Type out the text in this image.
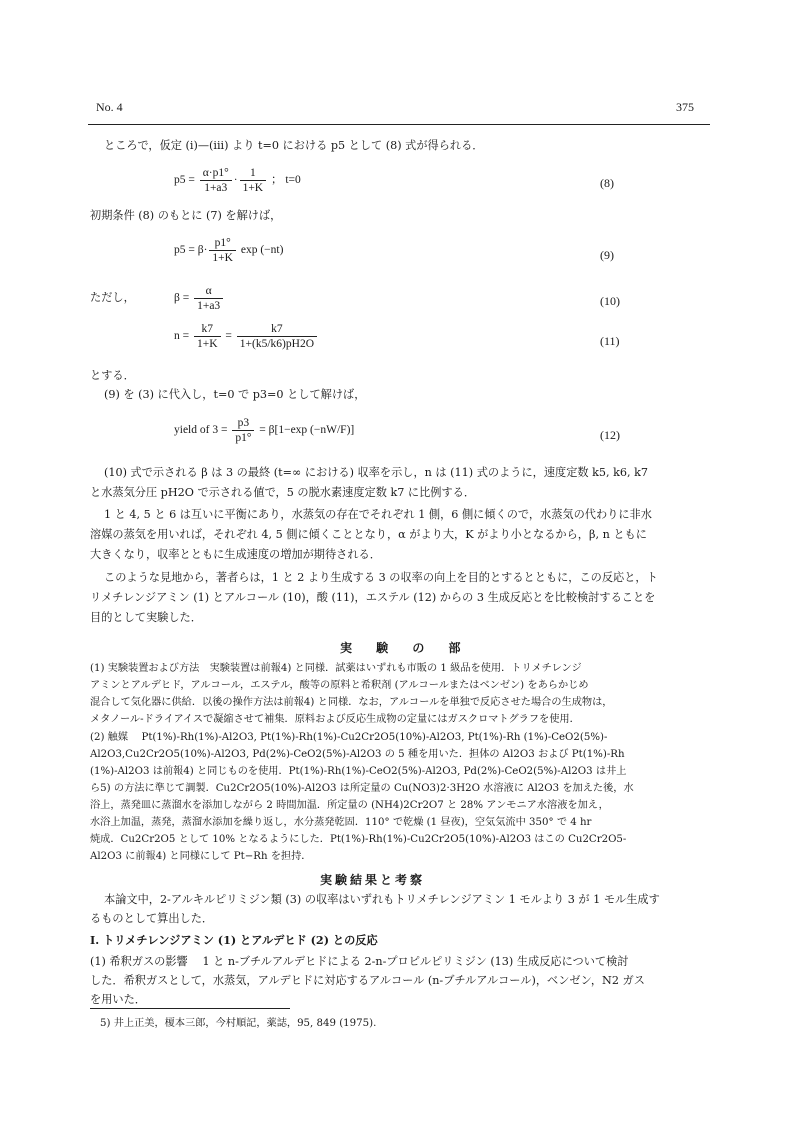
No. 4	375
ところで，仮定 (i)—(iii) より t=0 における p5 として (8) 式が得られる．
$p5 = \frac{\alpha\cdot p1^\circ}{1+a3} \cdot \frac{1}{1+K}$ ； t=0	(8)
初期条件 (8) のもとに (7) を解けば，
$p5 = \beta\cdot \frac{p1^\circ}{1+K}$ exp (−nt)	(9)
ただし，	$\beta = \frac{\alpha}{1+a3}$	(10)
$n = \frac{k7}{1+K} = \frac{k7}{1+(k5/k6)pH2O}$	(11)
とする．
(9) を (3) に代入し，t=0 で p3=0 として解けば，
yield of $3 = \frac{p3}{p1^\circ} = \beta[1-\exp$ (−nW/F)]	(12)
(10) 式で示される β は 3 の最終 (t=∞ における) 収率を示し，n は (11) 式のように，速度定数 k5, k6, k7
と水蒸気分圧 pH2O で示される値で，5 の脱水素速度定数 k7 に比例する．
1 と 4, 5 と 6 は互いに平衡にあり，水蒸気の存在でそれぞれ 1 側，6 側に傾くので，水蒸気の代わりに非水
溶媒の蒸気を用いれば，それぞれ 4, 5 側に傾くこととなり，α がより大，K がより小となるから，β, n ともに
大きくなり，収率とともに生成速度の増加が期待される．
このような見地から，著者らは，1 と 2 より生成する 3 の収率の向上を目的とするとともに，この反応と，ト
リメチレンジアミン (1) とアルコール (10)，酸 (11)，エステル (12) からの 3 生成反応とを比較検討することを
目的として実験した．
実 験 の 部
(1) 実験装置および方法　実験装置は前報4) と同様．試薬はいずれも市販の 1 級品を使用．トリメチレンジ
アミンとアルデヒド，アルコール，エステル，酸等の原料と希釈剤 (アルコールまたはベンゼン) をあらかじめ
混合して気化器に供給．以後の操作方法は前報4) と同様．なお，アルコールを単独で反応させた場合の生成物は，
メタノール-ドライアイスで凝縮させて補集．原料および反応生成物の定量にはガスクロマトグラフを使用．
(2) 触媒　 Pt(1%)-Rh(1%)-Al2O3, Pt(1%)-Rh(1%)-Cu2Cr2O5(10%)-Al2O3, Pt(1%)-Rh (1%)-CeO2(5%)-
Al2O3,Cu2Cr2O5(10%)-Al2O3, Pd(2%)-CeO2(5%)-Al2O3 の 5 種を用いた．担体の Al2O3 および Pt(1%)-Rh
(1%)-Al2O3 は前報4) と同じものを使用．Pt(1%)-Rh(1%)-CeO2(5%)-Al2O3, Pd(2%)-CeO2(5%)-Al2O3 は井上
ら5) の方法に準じて調製．Cu2Cr2O5(10%)-Al2O3 は所定量の Cu(NO3)2·3H2O 水溶液に Al2O3 を加えた後，水
浴上，蒸発皿に蒸溜水を添加しながら 2 時間加温．所定量の (NH4)2Cr2O7 と 28% アンモニア水溶液を加え，
水浴上加温，蒸発，蒸溜水添加を繰り返し，水分蒸発乾固．110° で乾燥 (1 昼夜)，空気気流中 350° で 4 hr
焼成．Cu2Cr2O5 として 10% となるようにした．Pt(1%)-Rh(1%)-Cu2Cr2O5(10%)-Al2O3 はこの Cu2Cr2O5-
Al2O3 に前報4) と同様にして Pt−Rh を担持．
実験結果と考察
本論文中，2-アルキルピリミジン類 (3) の収率はいずれもトリメチレンジアミン 1 モルより 3 が 1 モル生成す
るものとして算出した．
I. トリメチレンジアミン (1) とアルデヒド (2) との反応
(1) 希釈ガスの影響　 1 と n-ブチルアルデヒドによる 2-n-プロピルピリミジン (13) 生成反応について検討
した．希釈ガスとして，水蒸気，アルデヒドに対応するアルコール (n-ブチルアルコール)，ベンゼン，N2 ガス
を用いた．
5) 井上正美，榎本三郎，今村順記，薬誌，95, 849 (1975).
